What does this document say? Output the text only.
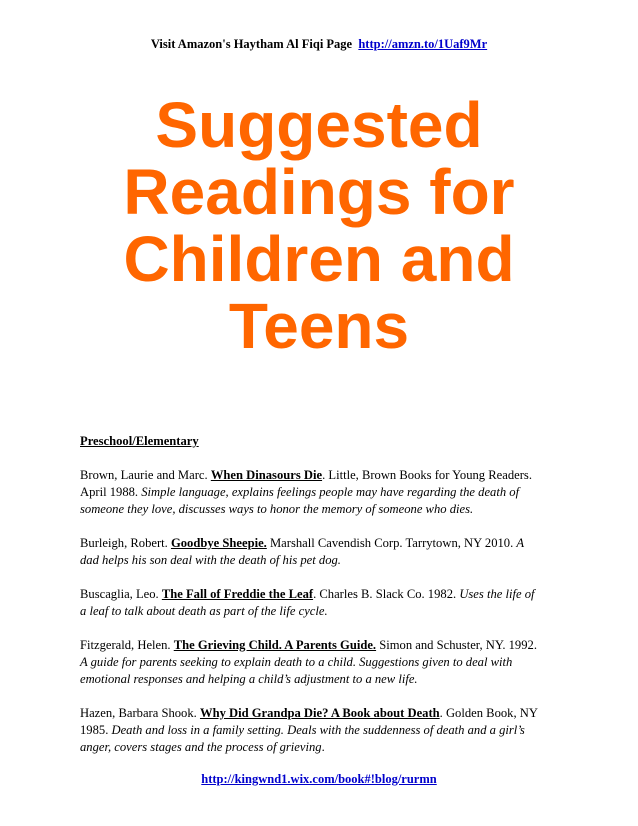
Visit Amazon's Haytham Al Fiqi Page http://amzn.to/1Uaf9Mr
Suggested
Readings for
Children and
Teens
Preschool/Elementary
Brown, Laurie and Marc. When Dinasours Die. Little, Brown Books for Young Readers. April 1988. Simple language, explains feelings people may have regarding the death of someone they love, discusses ways to honor the memory of someone who dies.
Burleigh, Robert. Goodbye Sheepie. Marshall Cavendish Corp. Tarrytown, NY 2010. A dad helps his son deal with the death of his pet dog.
Buscaglia, Leo. The Fall of Freddie the Leaf. Charles B. Slack Co. 1982. Uses the life of a leaf to talk about death as part of the life cycle.
Fitzgerald, Helen. The Grieving Child. A Parents Guide. Simon and Schuster, NY. 1992. A guide for parents seeking to explain death to a child. Suggestions given to deal with emotional responses and helping a child’s adjustment to a new life.
Hazen, Barbara Shook. Why Did Grandpa Die? A Book about Death. Golden Book, NY 1985. Death and loss in a family setting. Deals with the suddenness of death and a girl’s anger, covers stages and the process of grieving.
http://kingwnd1.wix.com/book#!blog/rurmn
